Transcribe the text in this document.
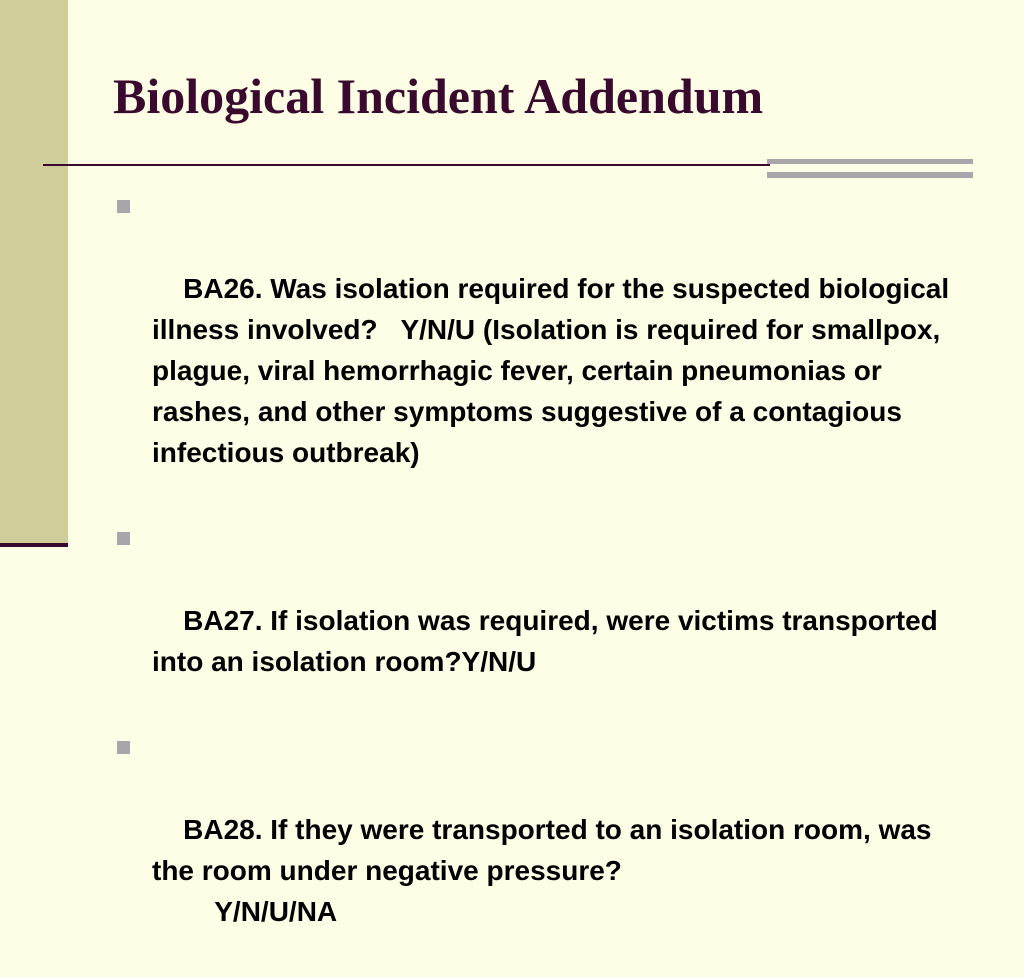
Biological Incident Addendum

BA26. Was isolation required for the suspected biological illness involved?   Y/N/U (Isolation is required for smallpox, plague, viral hemorrhagic fever, certain pneumonias or rashes, and other symptoms suggestive of a contagious infectious outbreak)

BA27. If isolation was required, were victims transported into an isolation room?Y/N/U

BA28. If they were transported to an isolation room, was the room under negative pressure?
	Y/N/U/NA
